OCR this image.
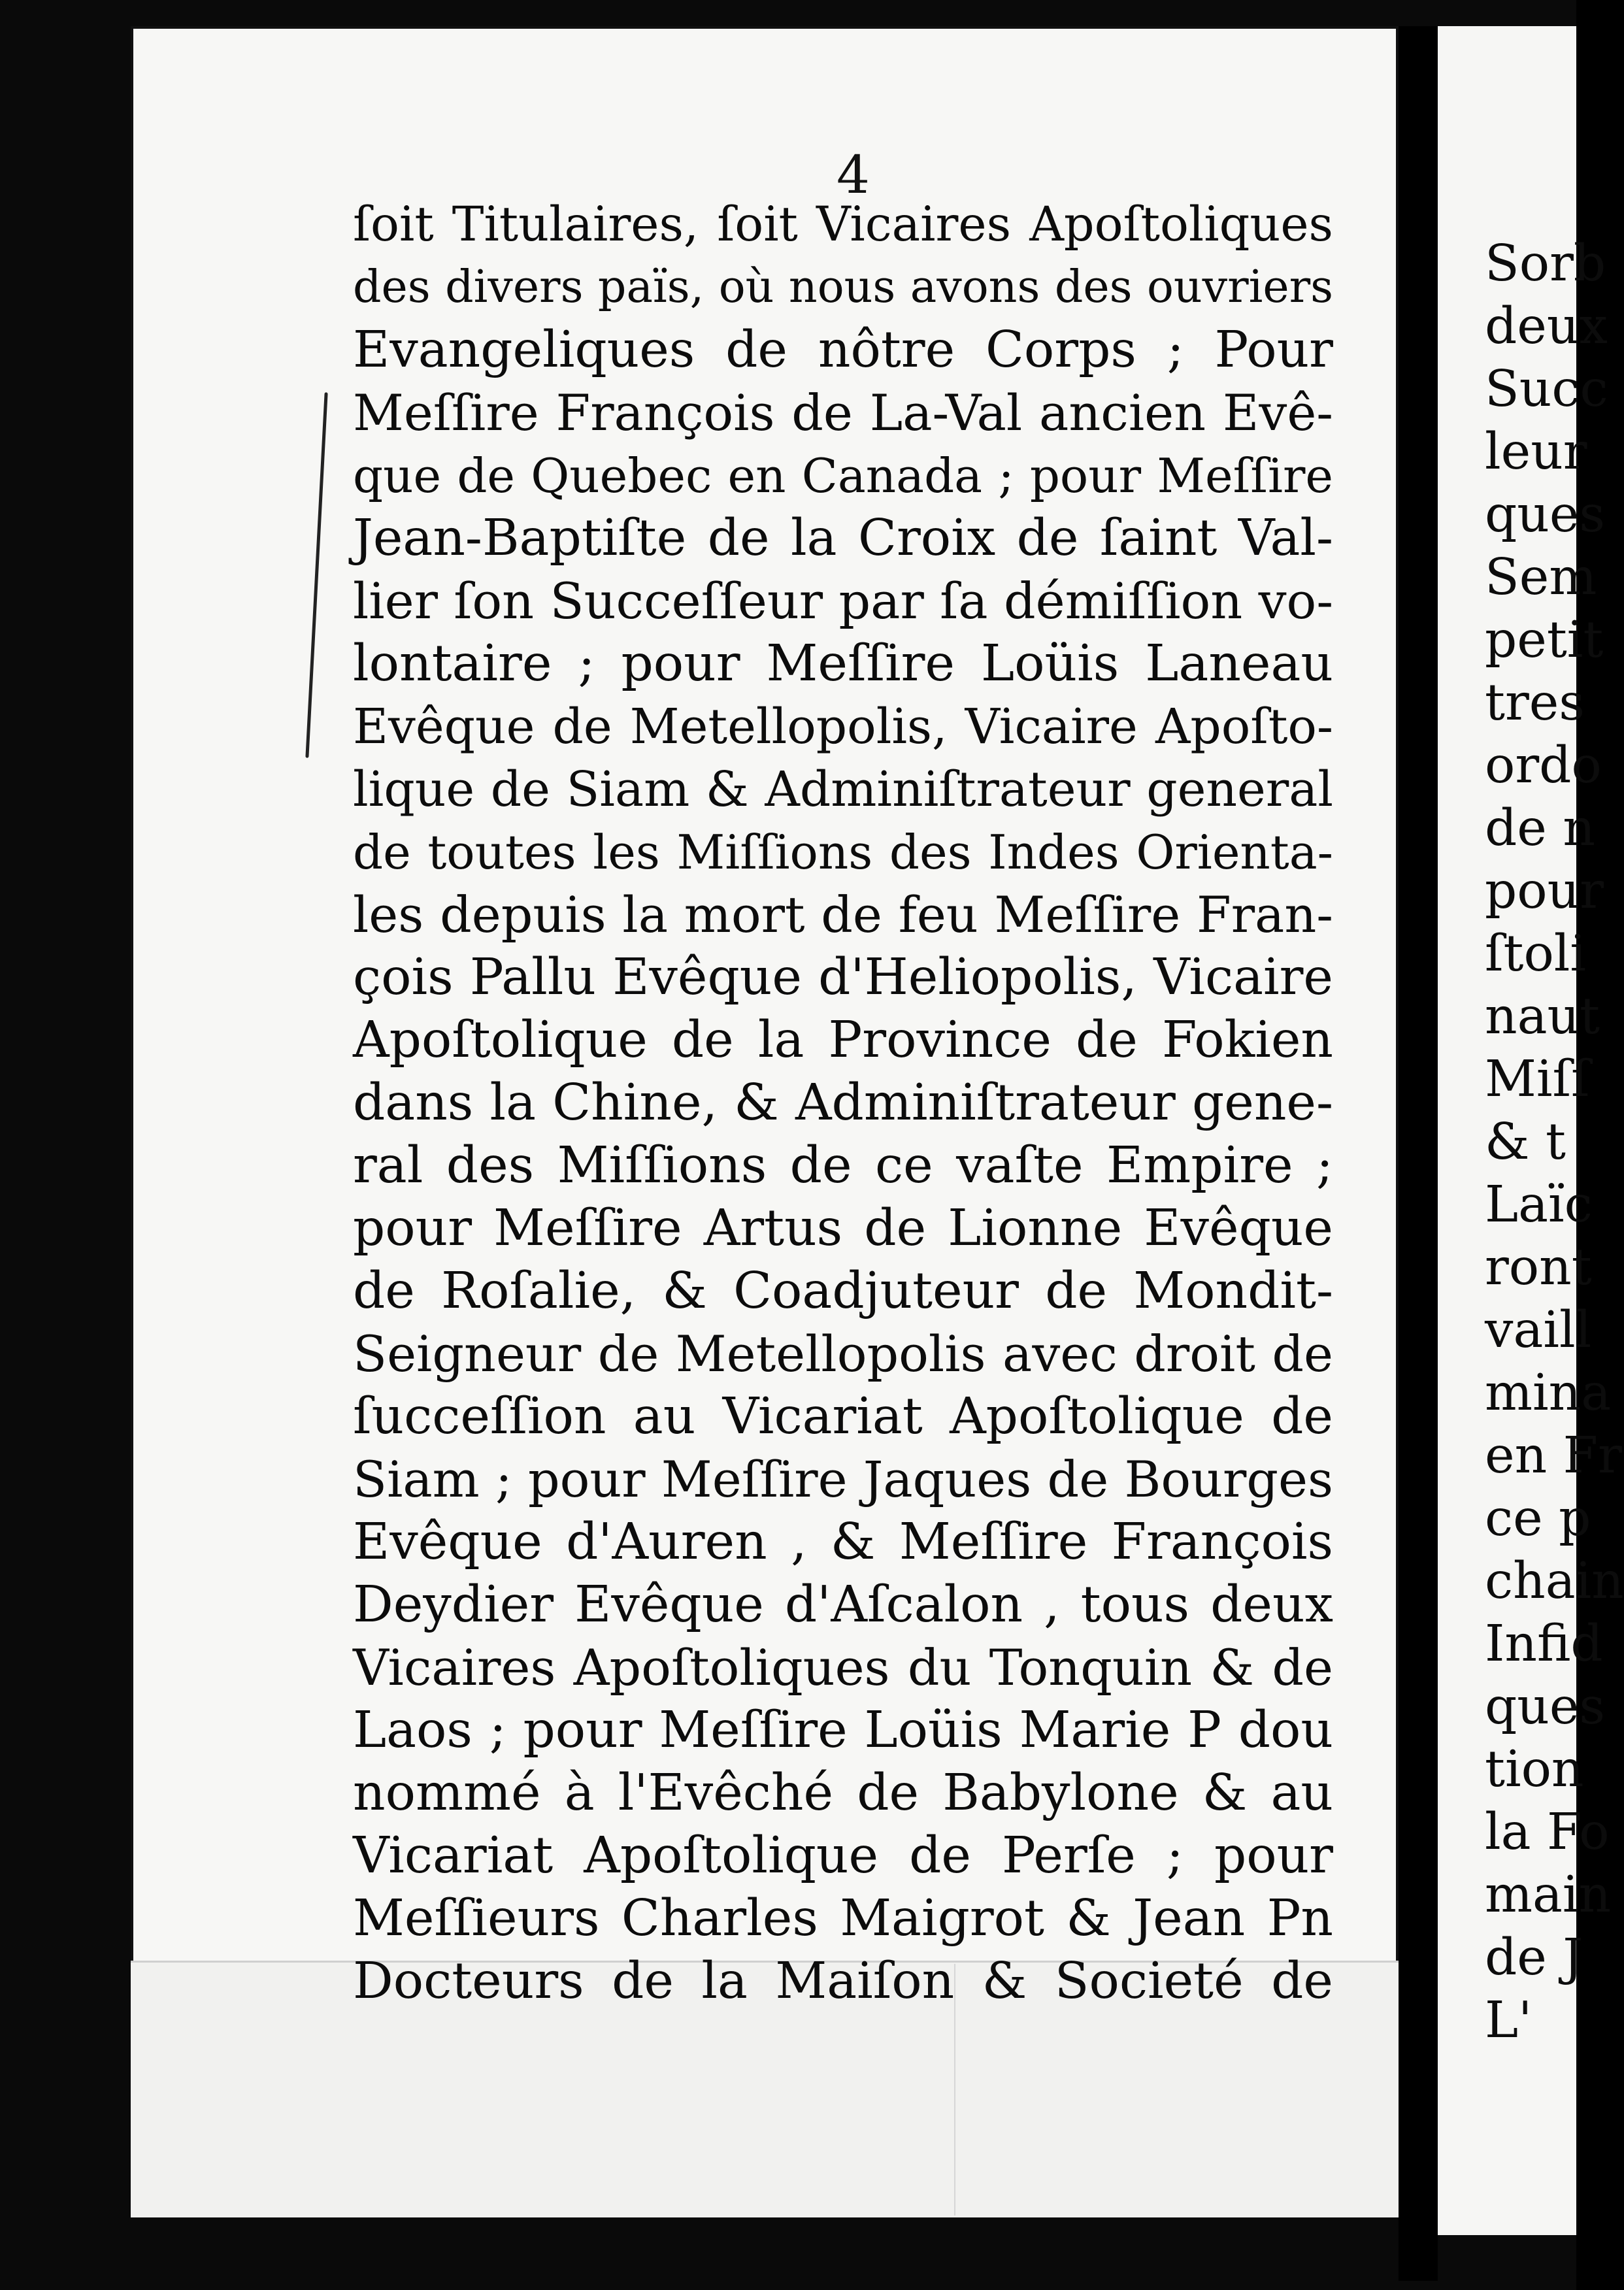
Sorb
deux
Succ
leur
ques
Sem
petit
tres
ordo
de n
pour
ſtoli
naut
Miſſ
& t
Laïc
ront
vaill
mina
en Fr
ce p
chain
Infid
ques
tion
la Fo
main
de J
L'
4
ſoit Titulaires, ſoit Vicaires Apoſtoliques
des divers païs, où nous avons des ouvriers
Evangeliques de nôtre Corps ; Pour
Meſſire François de La-Val ancien Evê-
que de Quebec en Canada ; pour Meſſire
Jean-Baptiſte de la Croix de ſaint Val-
lier ſon Succeſſeur par ſa démiſſion vo-
lontaire ; pour Meſſire Loüis Laneau
Evêque de Metellopolis, Vicaire Apoſto-
lique de Siam & Adminiſtrateur general
de toutes les Miſſions des Indes Orienta-
les depuis la mort de feu Meſſire Fran-
çois Pallu Evêque d'Heliopolis, Vicaire
Apoſtolique de la Province de Fokien
dans la Chine, & Adminiſtrateur gene-
ral des Miſſions de ce vaſte Empire ;
pour Meſſire Artus de Lionne Evêque
de Roſalie, & Coadjuteur de Mondit-
Seigneur de Metellopolis avec droit de
ſucceſſion au Vicariat Apoſtolique de
Siam ; pour Meſſire Jaques de Bourges
Evêque d'Auren , & Meſſire François
Deydier Evêque d'Aſcalon , tous deux
Vicaires Apoſtoliques du Tonquin & de
Laos ; pour Meſſire Loüis Marie P dou
nommé à l'Evêché de Babylone & au
Vicariat Apoſtolique de Perſe ; pour
Meſſieurs Charles Maigrot & Jean Pn
Docteurs de la Maiſon & Societé de
